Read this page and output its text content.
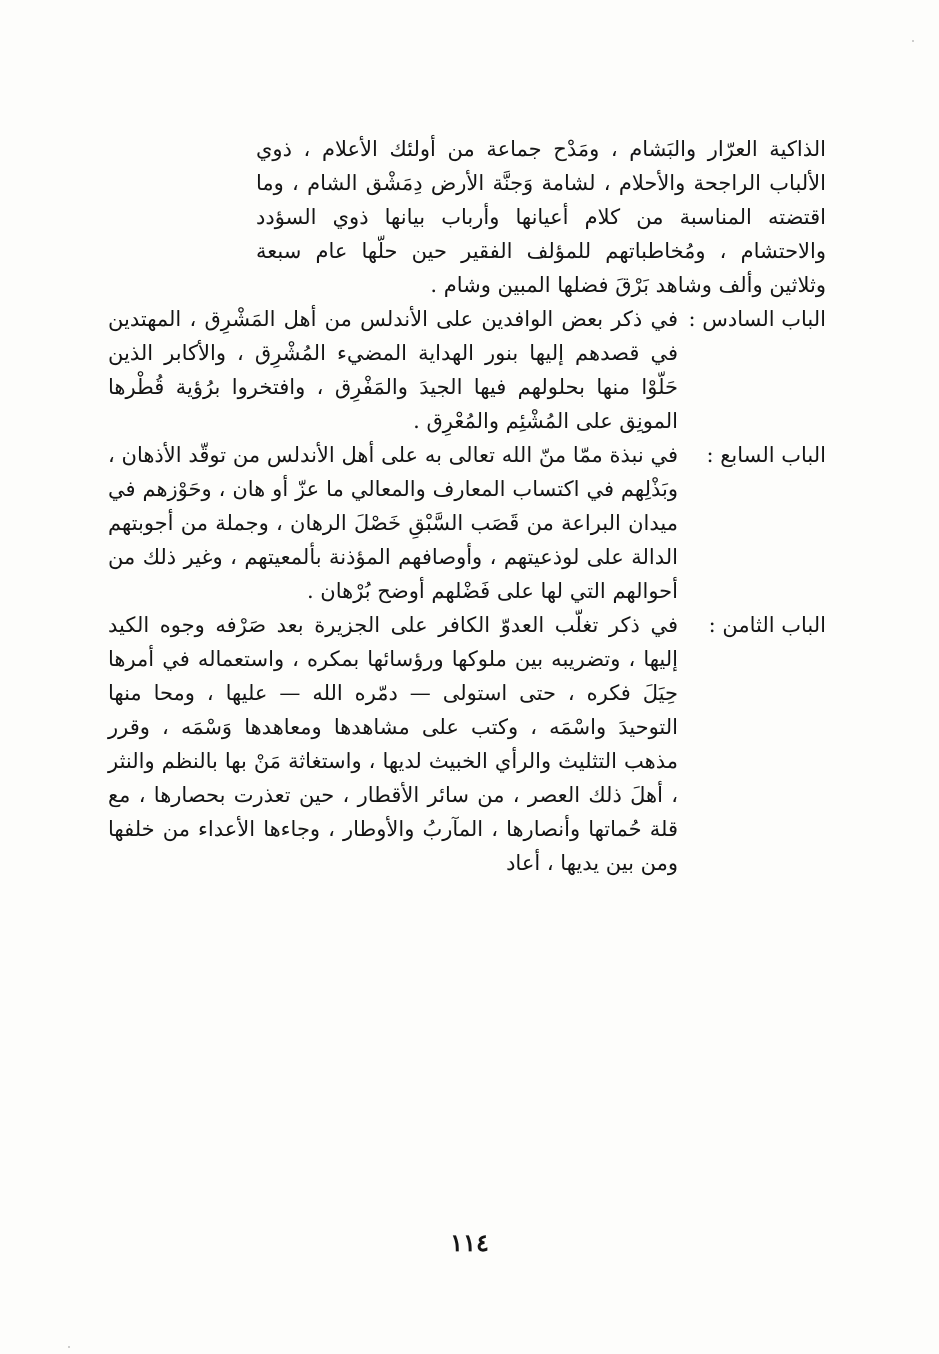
الذاكية العرّار والبَشام ، ومَدْح جماعة من أولئك الأعلام ، ذوي الألباب الراجحة والأحلام ، لشامة وَجنَّة الأرض دِمَشْق الشام ، وما اقتضته المناسبة من كلام أعيانها وأرباب بيانها ذوي السؤدد والاحتشام ، ومُخاطباتهم للمؤلف الفقير حين حلّها عام سبعة وثلاثين وألف وشاهد بَرْقَ فضلها المبين وشام .
الباب السادس :
في ذكر بعض الوافدين على الأندلس من أهل المَشْرِق ، المهتدين في قصدهم إليها بنور الهداية المضيء المُشْرِق ، والأكابر الذين حَلّوْا منها بحلولهم فيها الجيدَ والمَفْرِق ، وافتخروا برُؤية قُطْرها المونِق على المُشْئِم والمُعْرِق .
الباب السابع :
في نبذة ممّا منّ الله تعالى به على أهل الأندلس من توقّد الأذهان ، وبَذْلِهم في اكتساب المعارف والمعالي ما عزّ أو هان ، وحَوْزهم في ميدان البراعة من قَصَب السَّبْقِ خَصْلَ الرهان ، وجملة من أجوبتهم الدالة على لوذعيتهم ، وأوصافهم المؤذنة بألمعيتهم ، وغير ذلك من أحوالهم التي لها على فَضْلهم أوضح بُرْهان .
الباب الثامن :
في ذكر تغلّب العدوّ الكافر على الجزيرة بعد صَرْفه وجوه الكيد إليها ، وتضريبه بين ملوكها ورؤسائها بمكره ، واستعماله في أمرها حِيَلَ فكره ، حتى استولى — دمّره الله — عليها ، ومحا منها التوحيدَ واسْمَه ، وكتب على مشاهدها ومعاهدها وَسْمَه ، وقرر مذهب التثليث والرأي الخبيث لديها ، واستغاثة مَنْ بها بالنظم والنثر ، أهلَ ذلك العصر ، من سائر الأقطار ، حين تعذرت بحصارها ، مع قلة حُماتها وأنصارها ، المآربُ والأوطار ، وجاءها الأعداء من خلفها ومن بين يديها ، أعاد
١١٤
